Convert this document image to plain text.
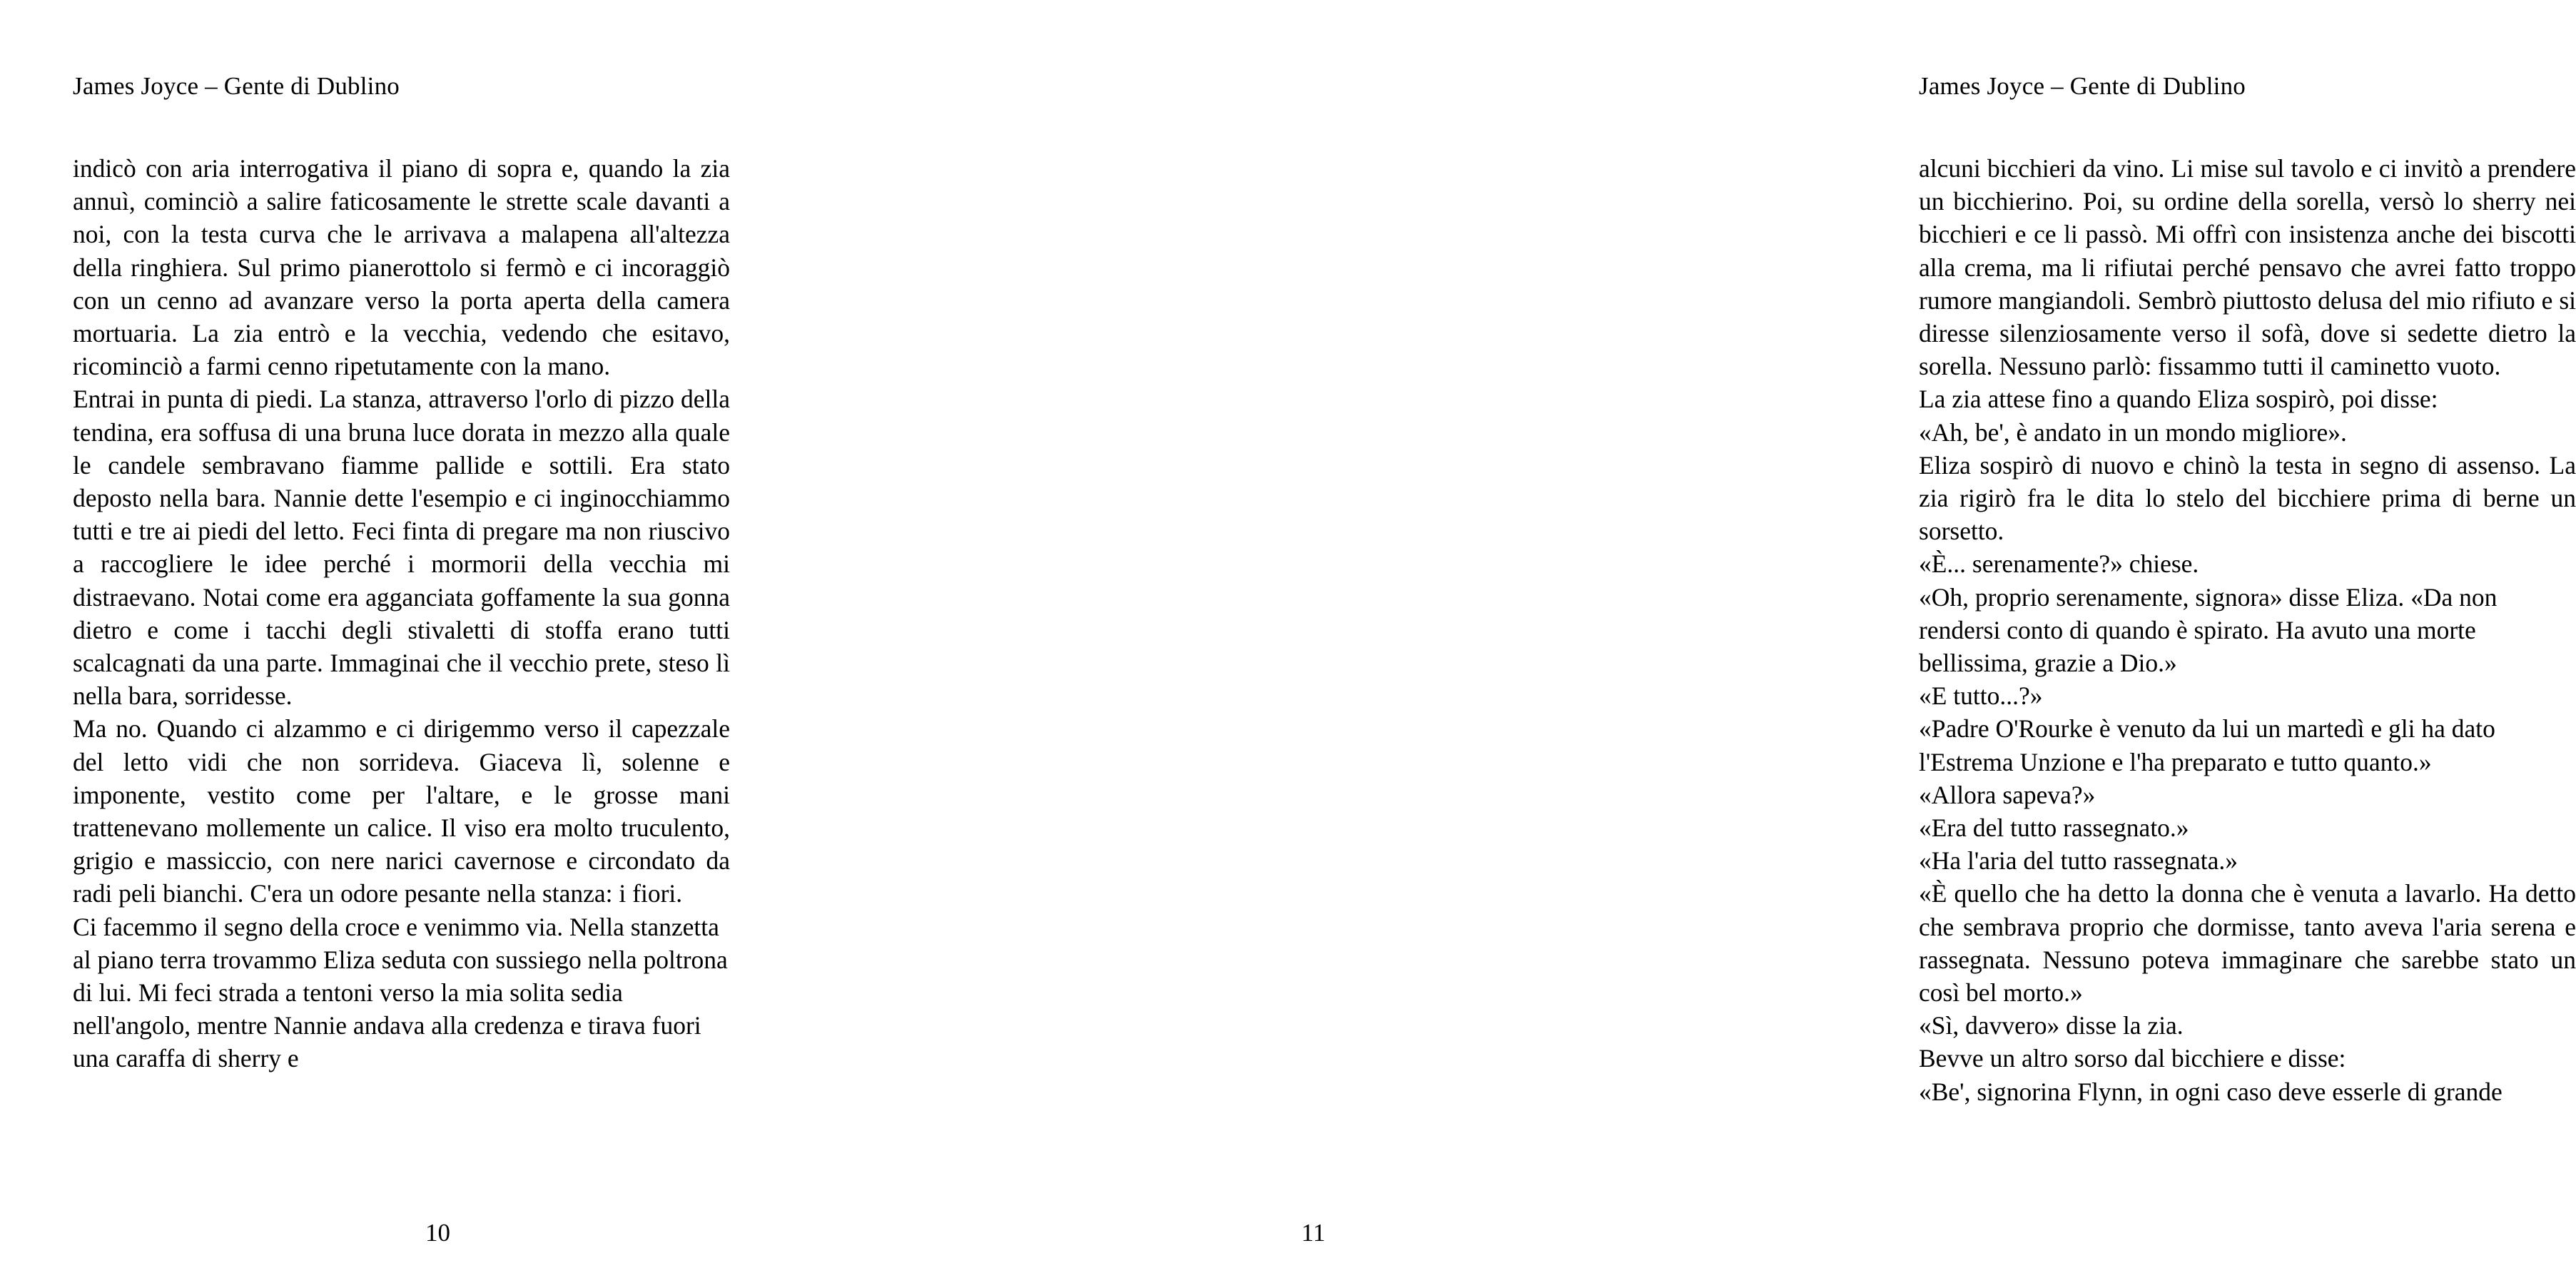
James Joyce – Gente di Dublino

indicò con aria interrogativa il piano di sopra e, quando la zia annuì, cominciò a salire faticosamente le strette scale davanti a noi, con la testa curva che le arrivava a malapena all'altezza della ringhiera. Sul primo pianerottolo si fermò e ci incoraggiò con un cenno ad avanzare verso la porta aperta della camera mortuaria. La zia entrò e la vecchia, vedendo che esitavo, ricominciò a farmi cenno ripetutamente con la mano.

Entrai in punta di piedi. La stanza, attraverso l'orlo di pizzo della tendina, era soffusa di una bruna luce dorata in mezzo alla quale le candele sembravano fiamme pallide e sottili. Era stato deposto nella bara. Nannie dette l'esempio e ci inginocchiammo tutti e tre ai piedi del letto. Feci finta di pregare ma non riuscivo a raccogliere le idee perché i mormorii della vecchia mi distraevano. Notai come era agganciata goffamente la sua gonna dietro e come i tacchi degli stivaletti di stoffa erano tutti scalcagnati da una parte. Immaginai che il vecchio prete, steso lì nella bara, sorridesse.

Ma no. Quando ci alzammo e ci dirigemmo verso il capezzale del letto vidi che non sorrideva. Giaceva lì, solenne e imponente, vestito come per l'altare, e le grosse mani trattenevano mollemente un calice. Il viso era molto truculento, grigio e massiccio, con nere narici cavernose e circondato da radi peli bianchi. C'era un odore pesante nella stanza: i fiori.

Ci facemmo il segno della croce e venimmo via. Nella stanzetta al piano terra trovammo Eliza seduta con sussiego nella poltrona di lui. Mi feci strada a tentoni verso la mia solita sedia nell'angolo, mentre Nannie andava alla credenza e tirava fuori una caraffa di sherry e

10
James Joyce – Gente di Dublino

alcuni bicchieri da vino. Li mise sul tavolo e ci invitò a prendere un bicchierino. Poi, su ordine della sorella, versò lo sherry nei bicchieri e ce li passò. Mi offrì con insistenza anche dei biscotti alla crema, ma li rifiutai perché pensavo che avrei fatto troppo rumore mangiandoli. Sembrò piuttosto delusa del mio rifiuto e si diresse silenziosamente verso il sofà, dove si sedette dietro la sorella. Nessuno parlò: fissammo tutti il caminetto vuoto.

La zia attese fino a quando Eliza sospirò, poi disse:

«Ah, be', è andato in un mondo migliore».

Eliza sospirò di nuovo e chinò la testa in segno di assenso. La zia rigirò fra le dita lo stelo del bicchiere prima di berne un sorsetto.

«È... serenamente?» chiese.

«Oh, proprio serenamente, signora» disse Eliza. «Da non rendersi conto di quando è spirato. Ha avuto una morte bellissima, grazie a Dio.»

«E tutto...?»

«Padre O'Rourke è venuto da lui un martedì e gli ha dato l'Estrema Unzione e l'ha preparato e tutto quanto.»

«Allora sapeva?»

«Era del tutto rassegnato.»

«Ha l'aria del tutto rassegnata.»

«È quello che ha detto la donna che è venuta a lavarlo. Ha detto che sembrava proprio che dormisse, tanto aveva l'aria serena e rassegnata. Nessuno poteva immaginare che sarebbe stato un così bel morto.»

«Sì, davvero» disse la zia.

Bevve un altro sorso dal bicchiere e disse:

«Be', signorina Flynn, in ogni caso deve esserle di grande

11
